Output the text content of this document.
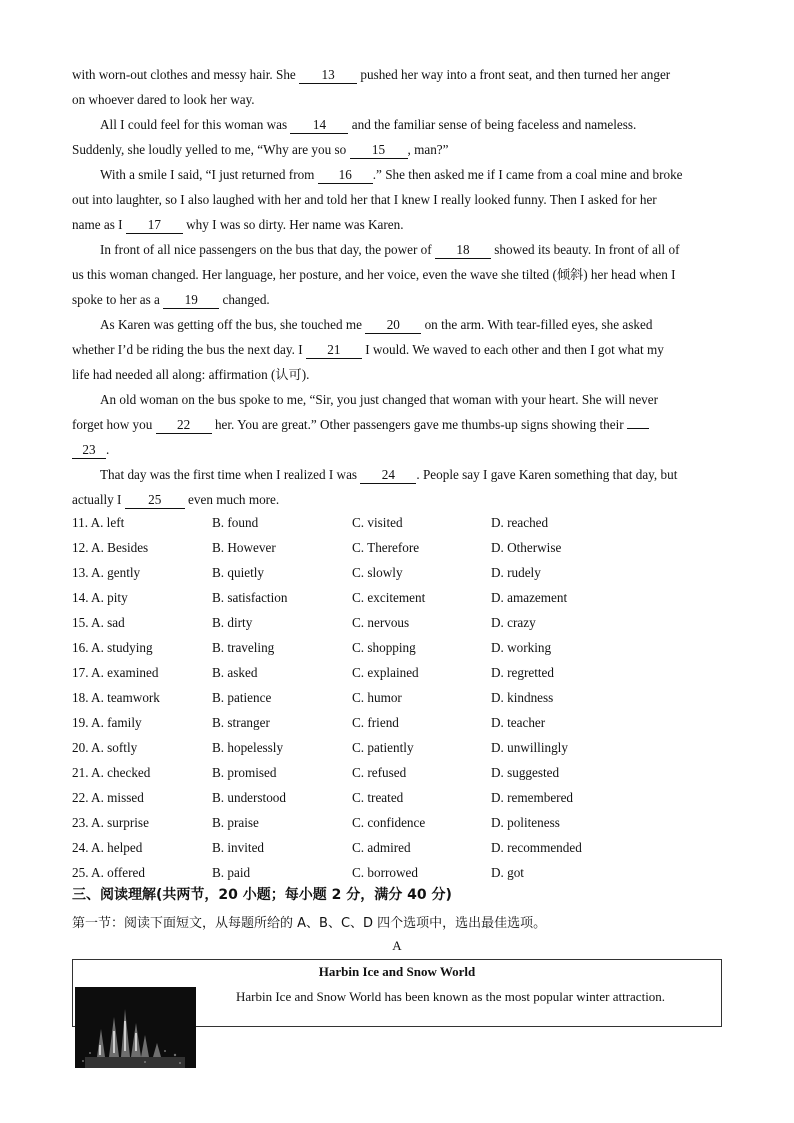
with worn-out clothes and messy hair. She 13 pushed her way into a front seat, and then turned her anger
on whoever dared to look her way.
All I could feel for this woman was 14 and the familiar sense of being faceless and nameless.
Suddenly, she loudly yelled to me, “Why are you so 15 , man?”
With a smile I said, “I just returned from 16 .” She then asked me if I came from a coal mine and broke
out into laughter, so I also laughed with her and told her that I knew I really looked funny. Then I asked for her
name as I 17 why I was so dirty. Her name was Karen.
In front of all nice passengers on the bus that day, the power of 18 showed its beauty. In front of all of
us this woman changed. Her language, her posture, and her voice, even the wave she tilted (倾斜) her head when I
spoke to her as a 19 changed.
As Karen was getting off the bus, she touched me 20 on the arm. With tear-filled eyes, she asked
whether I’d be riding the bus the next day. I 21 I would. We waved to each other and then I got what my
life had needed all along: affirmation (认可).
An old woman on the bus spoke to me, “Sir, you just changed that woman with your heart. She will never
forget how you 22 her. You are great.” Other passengers gave me thumbs-up signs showing their
23 .
That day was the first time when I realized I was 24 . People say I gave Karen something that day, but
actually I 25 even much more.
11. A. left	B. found	C. visited	D. reached
12. A. Besides	B. However	C. Therefore	D. Otherwise
13. A. gently	B. quietly	C. slowly	D. rudely
14. A. pity	B. satisfaction	C. excitement	D. amazement
15. A. sad	B. dirty	C. nervous	D. crazy
16. A. studying	B. traveling	C. shopping	D. working
17. A. examined	B. asked	C. explained	D. regretted
18. A. teamwork	B. patience	C. humor	D. kindness
19. A. family	B. stranger	C. friend	D. teacher
20. A. softly	B. hopelessly	C. patiently	D. unwillingly
21. A. checked	B. promised	C. refused	D. suggested
22. A. missed	B. understood	C. treated	D. remembered
23. A. surprise	B. praise	C. confidence	D. politeness
24. A. helped	B. invited	C. admired	D. recommended
25. A. offered	B. paid	C. borrowed	D. got
三、阅读理解(共两节，20 小题；每小题 2 分，满分 40 分)
第一节：阅读下面短文，从每题所给的 A、B、C、D 四个选项中，选出最佳选项。
A
Harbin Ice and Snow World
Harbin Ice and Snow World has been known as the most popular winter attraction.
